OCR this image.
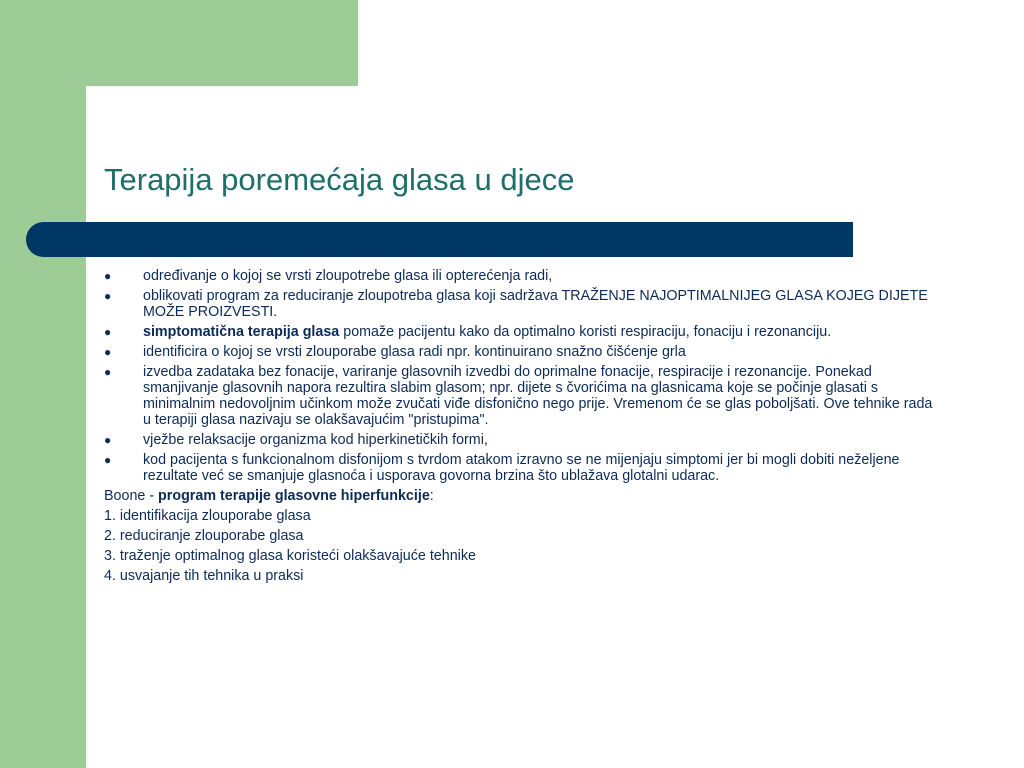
Terapija poremećaja glasa u djece
● određivanje o kojoj se vrsti zloupotrebe glasa ili opterećenja radi,
● oblikovati program za reduciranje zloupotreba glasa koji sadržava TRAŽENJE NAJOPTIMALNIJEG GLASA KOJEG DIJETE MOŽE PROIZVESTI.
● simptomatična terapija glasa pomaže pacijentu kako da optimalno koristi respiraciju, fonaciju i rezonanciju.
● identificira o kojoj se vrsti zlouporabe glasa radi npr. kontinuirano snažno čišćenje grla
● izvedba zadataka bez fonacije, variranje glasovnih izvedbi do oprimalne fonacije, respiracije i rezonancije. Ponekad smanjivanje glasovnih napora rezultira slabim glasom; npr. dijete s čvorićima na glasnicama koje se počinje glasati s minimalnim nedovoljnim učinkom može zvučati viđe disfonično nego prije. Vremenom će se glas poboljšati. Ove tehnike rada u terapiji glasa nazivaju se olakšavajućim "pristupima".
● vježbe relaksacije organizma kod hiperkinetičkih formi,
● kod pacijenta s funkcionalnom disfonijom s tvrdom atakom izravno se ne mijenjaju simptomi jer bi mogli dobiti neželjene rezultate već se smanjuje glasnoća i usporava govorna brzina što ublažava glotalni udarac.

Boone - program terapije glasovne hiperfunkcije:

1. identifikacija zlouporabe glasa
2. reduciranje zlouporabe glasa
3. traženje optimalnog glasa koristeći olakšavajuće tehnike
4. usvajanje tih tehnika u praksi
